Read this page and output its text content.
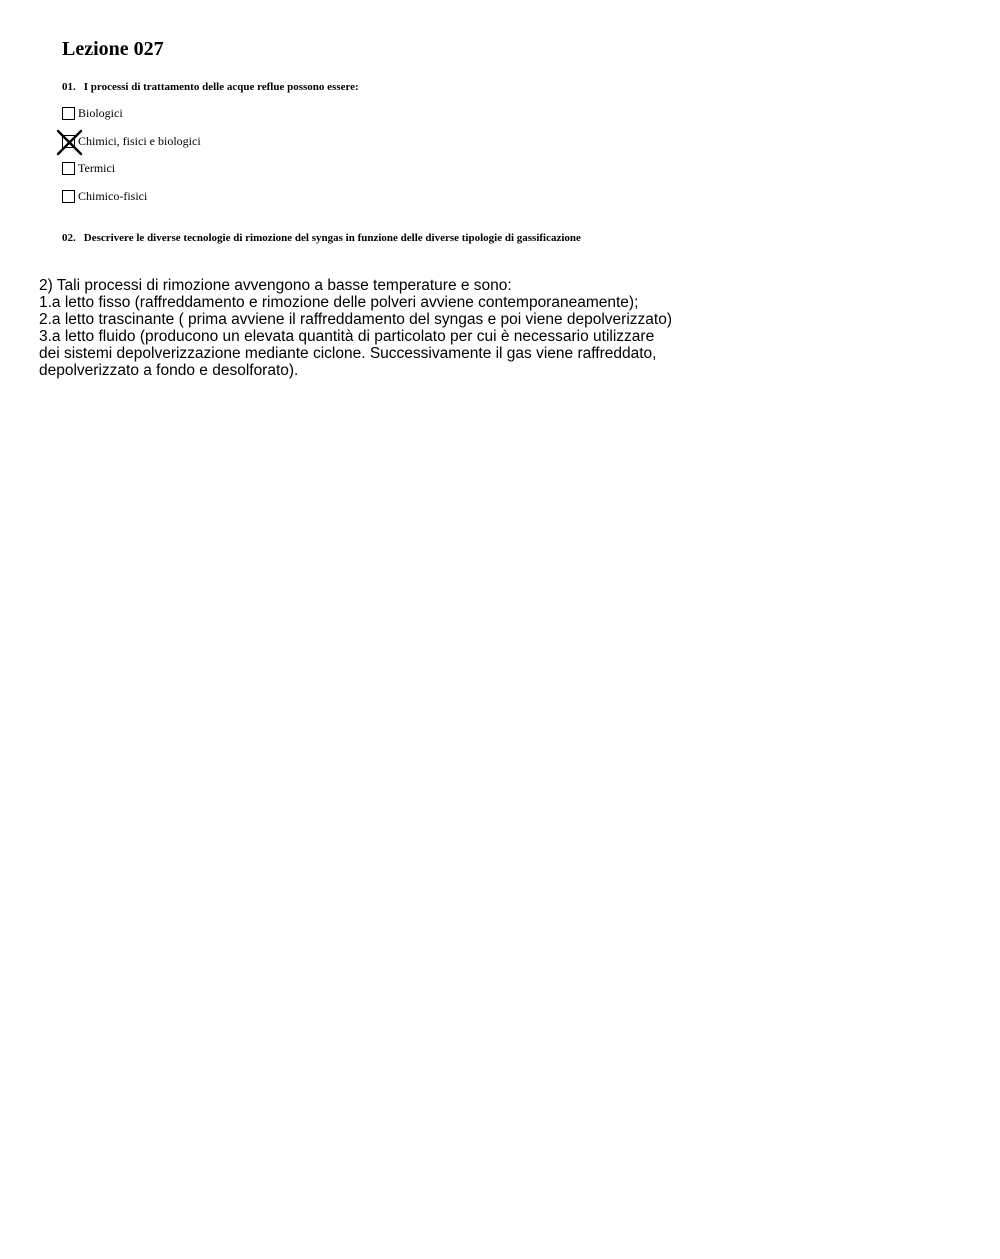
Lezione 027
01. I processi di trattamento delle acque reflue possono essere:
Biologici
Chimici, fisici e biologici
Termici
Chimico-fisici
02. Descrivere le diverse tecnologie di rimozione del syngas in funzione delle diverse tipologie di gassificazione
2) Tali processi di rimozione avvengono a basse temperature e sono:
1.a letto fisso (raffreddamento e rimozione delle polveri avviene contemporaneamente);
2.a letto trascinante ( prima avviene il raffreddamento del syngas e poi viene depolverizzato)
3.a letto fluido (producono un elevata quantità di particolato per cui è necessario utilizzare
dei sistemi depolverizzazione mediante ciclone. Successivamente il gas viene raffreddato,
depolverizzato a fondo e desolforato).
